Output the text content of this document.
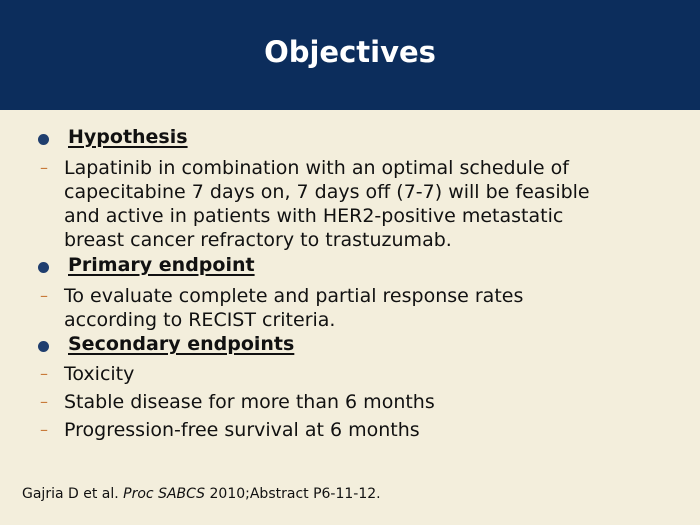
Objectives
Hypothesis
– Lapatinib in combination with an optimal schedule of
capecitabine 7 days on, 7 days off (7-7) will be feasible
and active in patients with HER2-positive metastatic
breast cancer refractory to trastuzumab.
Primary endpoint
– To evaluate complete and partial response rates
according to RECIST criteria.
Secondary endpoints
– Toxicity
– Stable disease for more than 6 months
– Progression-free survival at 6 months
Gajria D et al. Proc SABCS 2010;Abstract P6-11-12.
